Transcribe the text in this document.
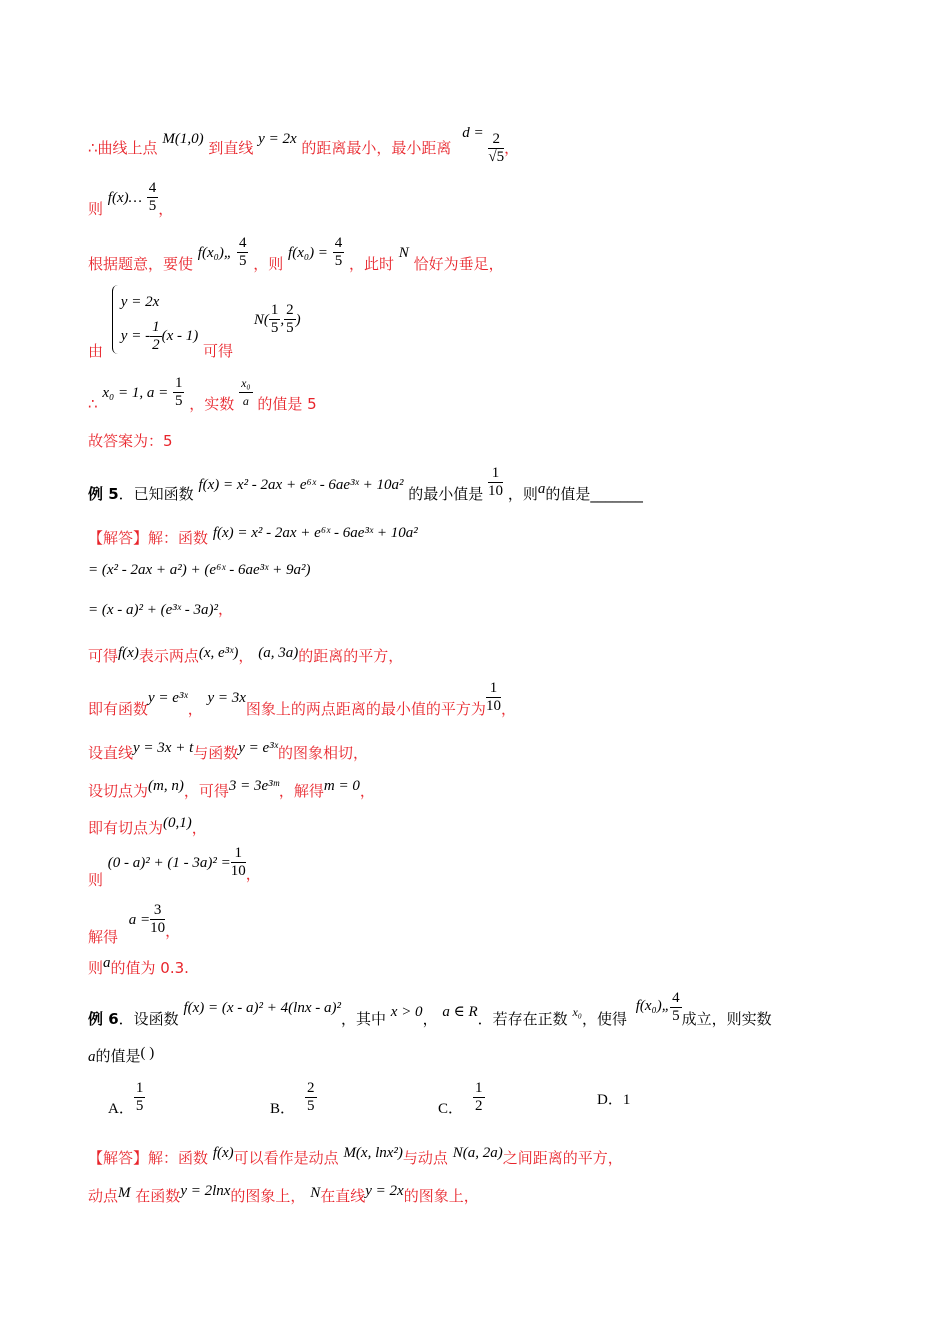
∴曲线上点 M(1,0) 到直线 y = 2x 的距离最小，最小距离 $d = \frac{2}{√5}$ ，
则 f(x)… $\frac{4}{5}$ ，
根据题意，要使 f(x₀)„ $\frac{4}{5}$ ，则 $f(x_0) = \frac{4}{5}$ ，此时 N 恰好为垂足，
由
y = 2x
y = - $\frac{1}{2} (x - 1)$
可得 $N( \frac{1}{5}$ , $\frac{2}{5}$ )
∴ x₀ = 1, $a = \frac{1}{5}$ ，实数 $\frac{\text{x₀}}{a}$ 的值是 5
故答案为：5
例 5．已知函数 f(x) = x² - 2ax + e⁶ˣ - 6ae³ˣ + 10a² 的最小值是 $\frac{1}{10}$ ，则a的值是_______
【解答】解：函数 f(x) = x² - 2ax + e⁶ˣ - 6ae³ˣ + 10a²
= (x² - 2ax + a²) + (e⁶ˣ - 6ae³ˣ + 9a²)
= (x - a)² + (e³ˣ - 3a)²，
可得f(x)表示两点(x, e³ˣ)， (a, 3a)的距离的平方，
即有函数y = e³ˣ， y = 3x图象上的两点距离的最小值的平方为 $\frac{1}{10}$ ，
设直线y = 3x + t与函数y = e³ˣ的图象相切，
设切点为(m, n)，可得3 = 3e³ᵐ，解得m = 0，
即有切点为(0,1)，
则 $(0 - a)^2 + (1 - 3a)^2 = \frac{1}{10}$ ，
解得 $a = \frac{3}{10}$ ，
则a的值为 0.3.
例 6．设函数 f(x) = (x - a)² + 4(lnx - a)²，其中 x > 0， a ∈ R．若存在正数 $_{x_0}$，使得 f(x₀)„ $\frac{4}{5}$ 成立，则实数
a的值是( )
A． $\frac{1}{5}$	B． $\frac{2}{5}$	C． $\frac{1}{2}$	D．1
【解答】解：函数 f(x)可以看作是动点 M(x, lnx²)与动点 N(a, 2a)之间距离的平方，
动点M 在函数y = 2lnx的图象上， N在直线y = 2x的图象上，
